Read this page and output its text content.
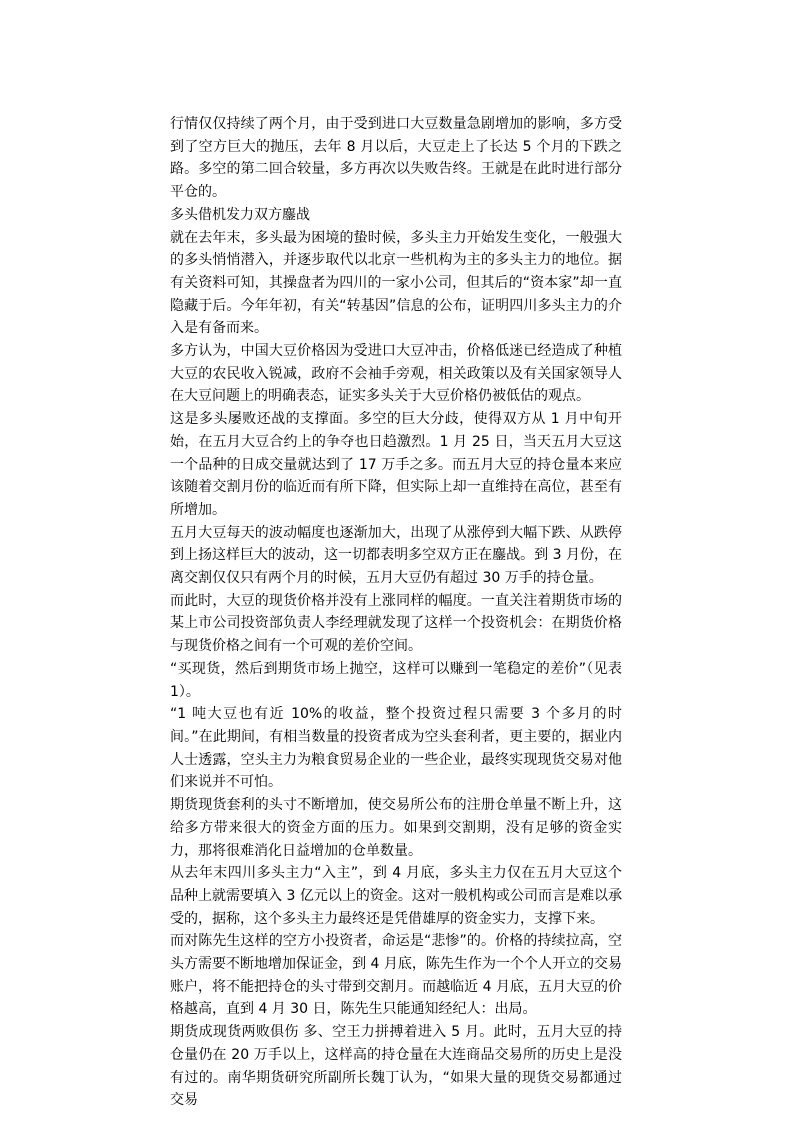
行情仅仅持续了两个月，由于受到进口大豆数量急剧增加的影响，多方受到了空方巨大的抛压，去年 8 月以后，大豆走上了长达 5 个月的下跌之路。多空的第二回合较量，多方再次以失败告终。王就是在此时进行部分平仓的。

多头借机发力双方鏖战

就在去年末，多头最为困境的蛰时候，多头主力开始发生变化，一般强大的多头悄悄潜入，并逐步取代以北京一些机构为主的多头主力的地位。据有关资料可知，其操盘者为四川的一家小公司，但其后的“资本家”却一直隐藏于后。今年年初，有关“转基因”信息的公布，证明四川多头主力的介入是有备而来。

多方认为，中国大豆价格因为受进口大豆冲击，价格低迷已经造成了种植大豆的农民收入锐减，政府不会袖手旁观，相关政策以及有关国家领导人在大豆问题上的明确表态，证实多头关于大豆价格仍被低估的观点。

这是多头屡败还战的支撑面。多空的巨大分歧，使得双方从 1 月中旬开始，在五月大豆合约上的争夺也日趋激烈。1 月 25 日，当天五月大豆这一个品种的日成交量就达到了 17 万手之多。而五月大豆的持仓量本来应该随着交割月份的临近而有所下降，但实际上却一直维持在高位，甚至有所增加。

五月大豆每天的波动幅度也逐渐加大，出现了从涨停到大幅下跌、从跌停到上扬这样巨大的波动，这一切都表明多空双方正在鏖战。到 3 月份，在离交割仅仅只有两个月的时候，五月大豆仍有超过 30 万手的持仓量。

而此时，大豆的现货价格并没有上涨同样的幅度。一直关注着期货市场的某上市公司投资部负责人李经理就发现了这样一个投资机会：在期货价格与现货价格之间有一个可观的差价空间。

“买现货，然后到期货市场上抛空，这样可以赚到一笔稳定的差价”（见表 1）。

“1 吨大豆也有近 10%的收益，整个投资过程只需要 3 个多月的时间。”在此期间，有相当数量的投资者成为空头套利者，更主要的，据业内人士透露，空头主力为粮食贸易企业的一些企业，最终实现现货交易对他们来说并不可怕。

期货现货套利的头寸不断增加，使交易所公布的注册仓单量不断上升，这给多方带来很大的资金方面的压力。如果到交割期，没有足够的资金实力，那将很难消化日益增加的仓单数量。

从去年末四川多头主力“入主”，到 4 月底，多头主力仅在五月大豆这个品种上就需要填入 3 亿元以上的资金。这对一般机构或公司而言是难以承受的，据称，这个多头主力最终还是凭借雄厚的资金实力，支撑下来。

而对陈先生这样的空方小投资者，命运是“悲惨”的。价格的持续拉高，空头方需要不断地增加保证金，到 4 月底，陈先生作为一个个人开立的交易账户，将不能把持仓的头寸带到交割月。而越临近 4 月底，五月大豆的价格越高，直到 4 月 30 日，陈先生只能通知经纪人：出局。

期货成现货两败俱伤 多、空王力拼搏着进入 5 月。此时，五月大豆的持仓量仍在 20 万手以上，这样高的持仓量在大连商品交易所的历史上是没有过的。南华期货研究所副所长魏丁认为，“如果大量的现货交易都通过交易
